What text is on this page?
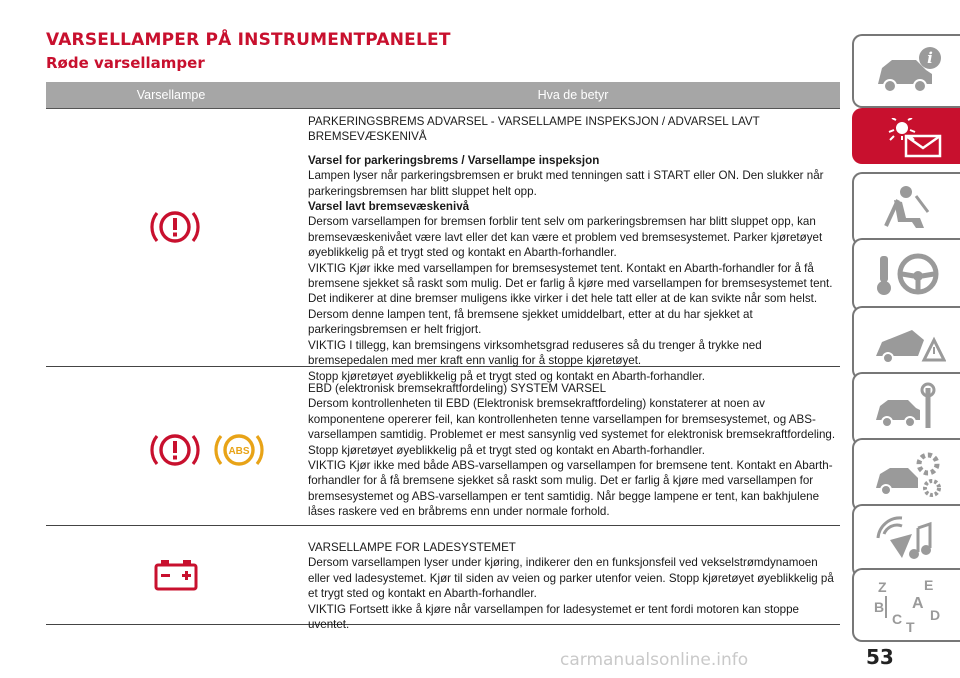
VARSELLAMPER PÅ INSTRUMENTPANELET
Røde varsellamper
Varsellampe	Hva de betyr

PARKERINGSBREMS ADVARSEL - VARSELLAMPE INSPEKSJON / ADVARSEL LAVT BREMSEVÆSKENIVÅ

Varsel for parkeringsbrems / Varsellampe inspeksjon

Lampen lyser når parkeringsbremsen er brukt med tenningen satt i START eller ON. Den slukker når parkeringsbremsen har blitt sluppet helt opp.

Varsel lavt bremsevæskenivå

Dersom varsellampen for bremsen forblir tent selv om parkeringsbremsen har blitt sluppet opp, kan bremsevæskenivået være lavt eller det kan være et problem ved bremsesystemet. Parker kjøretøyet øyeblikkelig på et trygt sted og kontakt en Abarth-forhandler.

VIKTIG Kjør ikke med varsellampen for bremsesystemet tent. Kontakt en Abarth-forhandler for å få bremsene sjekket så raskt som mulig. Det er farlig å kjøre med varsellampen for bremsesystemet tent. Det indikerer at dine bremser muligens ikke virker i det hele tatt eller at de kan svikte når som helst. Dersom denne lampen tent, få bremsene sjekket umiddelbart, etter at du har sjekket at parkeringsbremsen er helt frigjort.

VIKTIG I tillegg, kan bremsingens virksomhetsgrad reduseres så du trenger å trykke ned bremsepedalen med mer kraft enn vanlig for å stoppe kjøretøyet.

Stopp kjøretøyet øyeblikkelig på et trygt sted og kontakt en Abarth-forhandler.

ABS

EBD (elektronisk bremsekraftfordeling) SYSTEM VARSEL

Dersom kontrollenheten til EBD (Elektronisk bremsekraftfordeling) konstaterer at noen av komponentene opererer feil, kan kontrollenheten tenne varsellampen for bremsesystemet, og ABS-varsellampen samtidig. Problemet er mest sansynlig ved systemet for elektronisk bremsekraftfordeling. Stopp kjøretøyet øyeblikkelig på et trygt sted og kontakt en Abarth-forhandler.

VIKTIG Kjør ikke med både ABS-varsellampen og varsellampen for bremsene tent. Kontakt en Abarth-forhandler for å få bremsene sjekket så raskt som mulig. Det er farlig å kjøre med varsellampen for bremsesystemet og ABS-varsellampen er tent samtidig. Når begge lampene er tent, kan bakhjulene låses raskere ved en bråbrems enn under normale forhold.

VARSELLAMPE FOR LADESYSTEMET

Dersom varsellampen lyser under kjøring, indikerer den en funksjonsfeil ved vekselstrømdynamoen eller ved ladesystemet. Kjør til siden av veien og parker utenfor veien. Stopp kjøretøyet øyeblikkelig på et trygt sted og kontakt en Abarth-forhandler.

VIKTIG Fortsett ikke å kjøre når varsellampen for ladesystemet er tent fordi motoren kan stoppe uventet.

i
Z	E
A
B
C D
T
53
carmanualsonline.info
